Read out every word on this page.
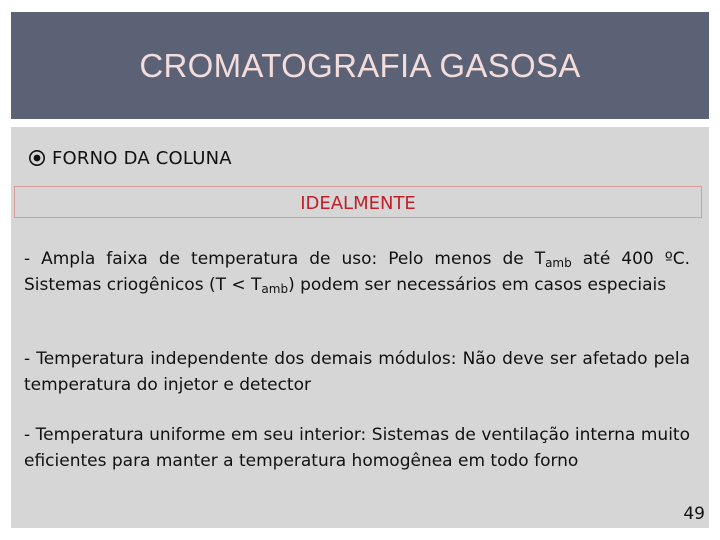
CROMATOGRAFIA GASOSA
FORNO DA COLUNA
IDEALMENTE
- Ampla faixa de temperatura de uso: Pelo menos de $T_{amb}$ até 400 ºC. Sistemas criogênicos $(T < T_{amb})$ podem ser necessários em casos especiais
- Temperatura independente dos demais módulos: Não deve ser afetado pela temperatura do injetor e detector
- Temperatura uniforme em seu interior: Sistemas de ventilação interna muito eficientes para manter a temperatura homogênea em todo forno
49
